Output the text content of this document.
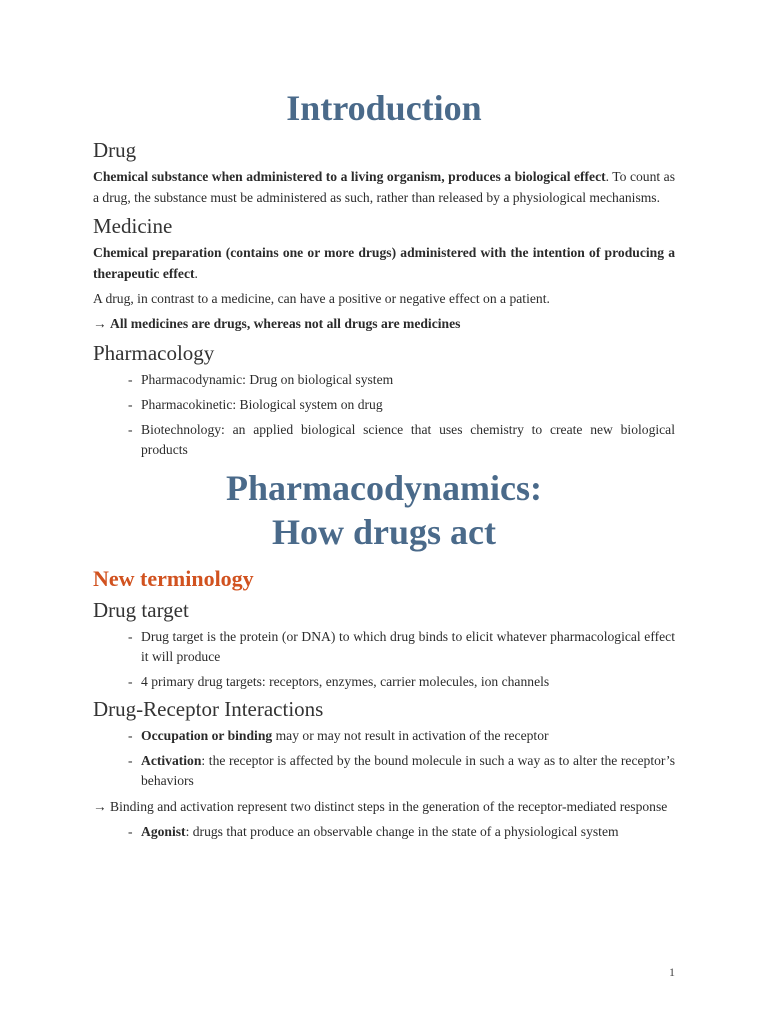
Introduction
Drug

Chemical substance when administered to a living organism, produces a biological effect. To count as a drug, the substance must be administered as such, rather than released by a physiological mechanisms.

Medicine

Chemical preparation (contains one or more drugs) administered with the intention of producing a therapeutic effect.

A drug, in contrast to a medicine, can have a positive or negative effect on a patient.

→ All medicines are drugs, whereas not all drugs are medicines

Pharmacology
- Pharmacodynamic: Drug on biological system
- Pharmacokinetic: Biological system on drug
- Biotechnology: an applied biological science that uses chemistry to create new biological products
Pharmacodynamics:
How drugs act
New terminology
Drug target
- Drug target is the protein (or DNA) to which drug binds to elicit whatever pharmacological effect it will produce
- 4 primary drug targets: receptors, enzymes, carrier molecules, ion channels
Drug-Receptor Interactions
- Occupation or binding may or may not result in activation of the receptor
- Activation: the receptor is affected by the bound molecule in such a way as to alter the receptor’s behaviors

→ Binding and activation represent two distinct steps in the generation of the receptor-mediated response

- Agonist: drugs that produce an observable change in the state of a physiological system
1
